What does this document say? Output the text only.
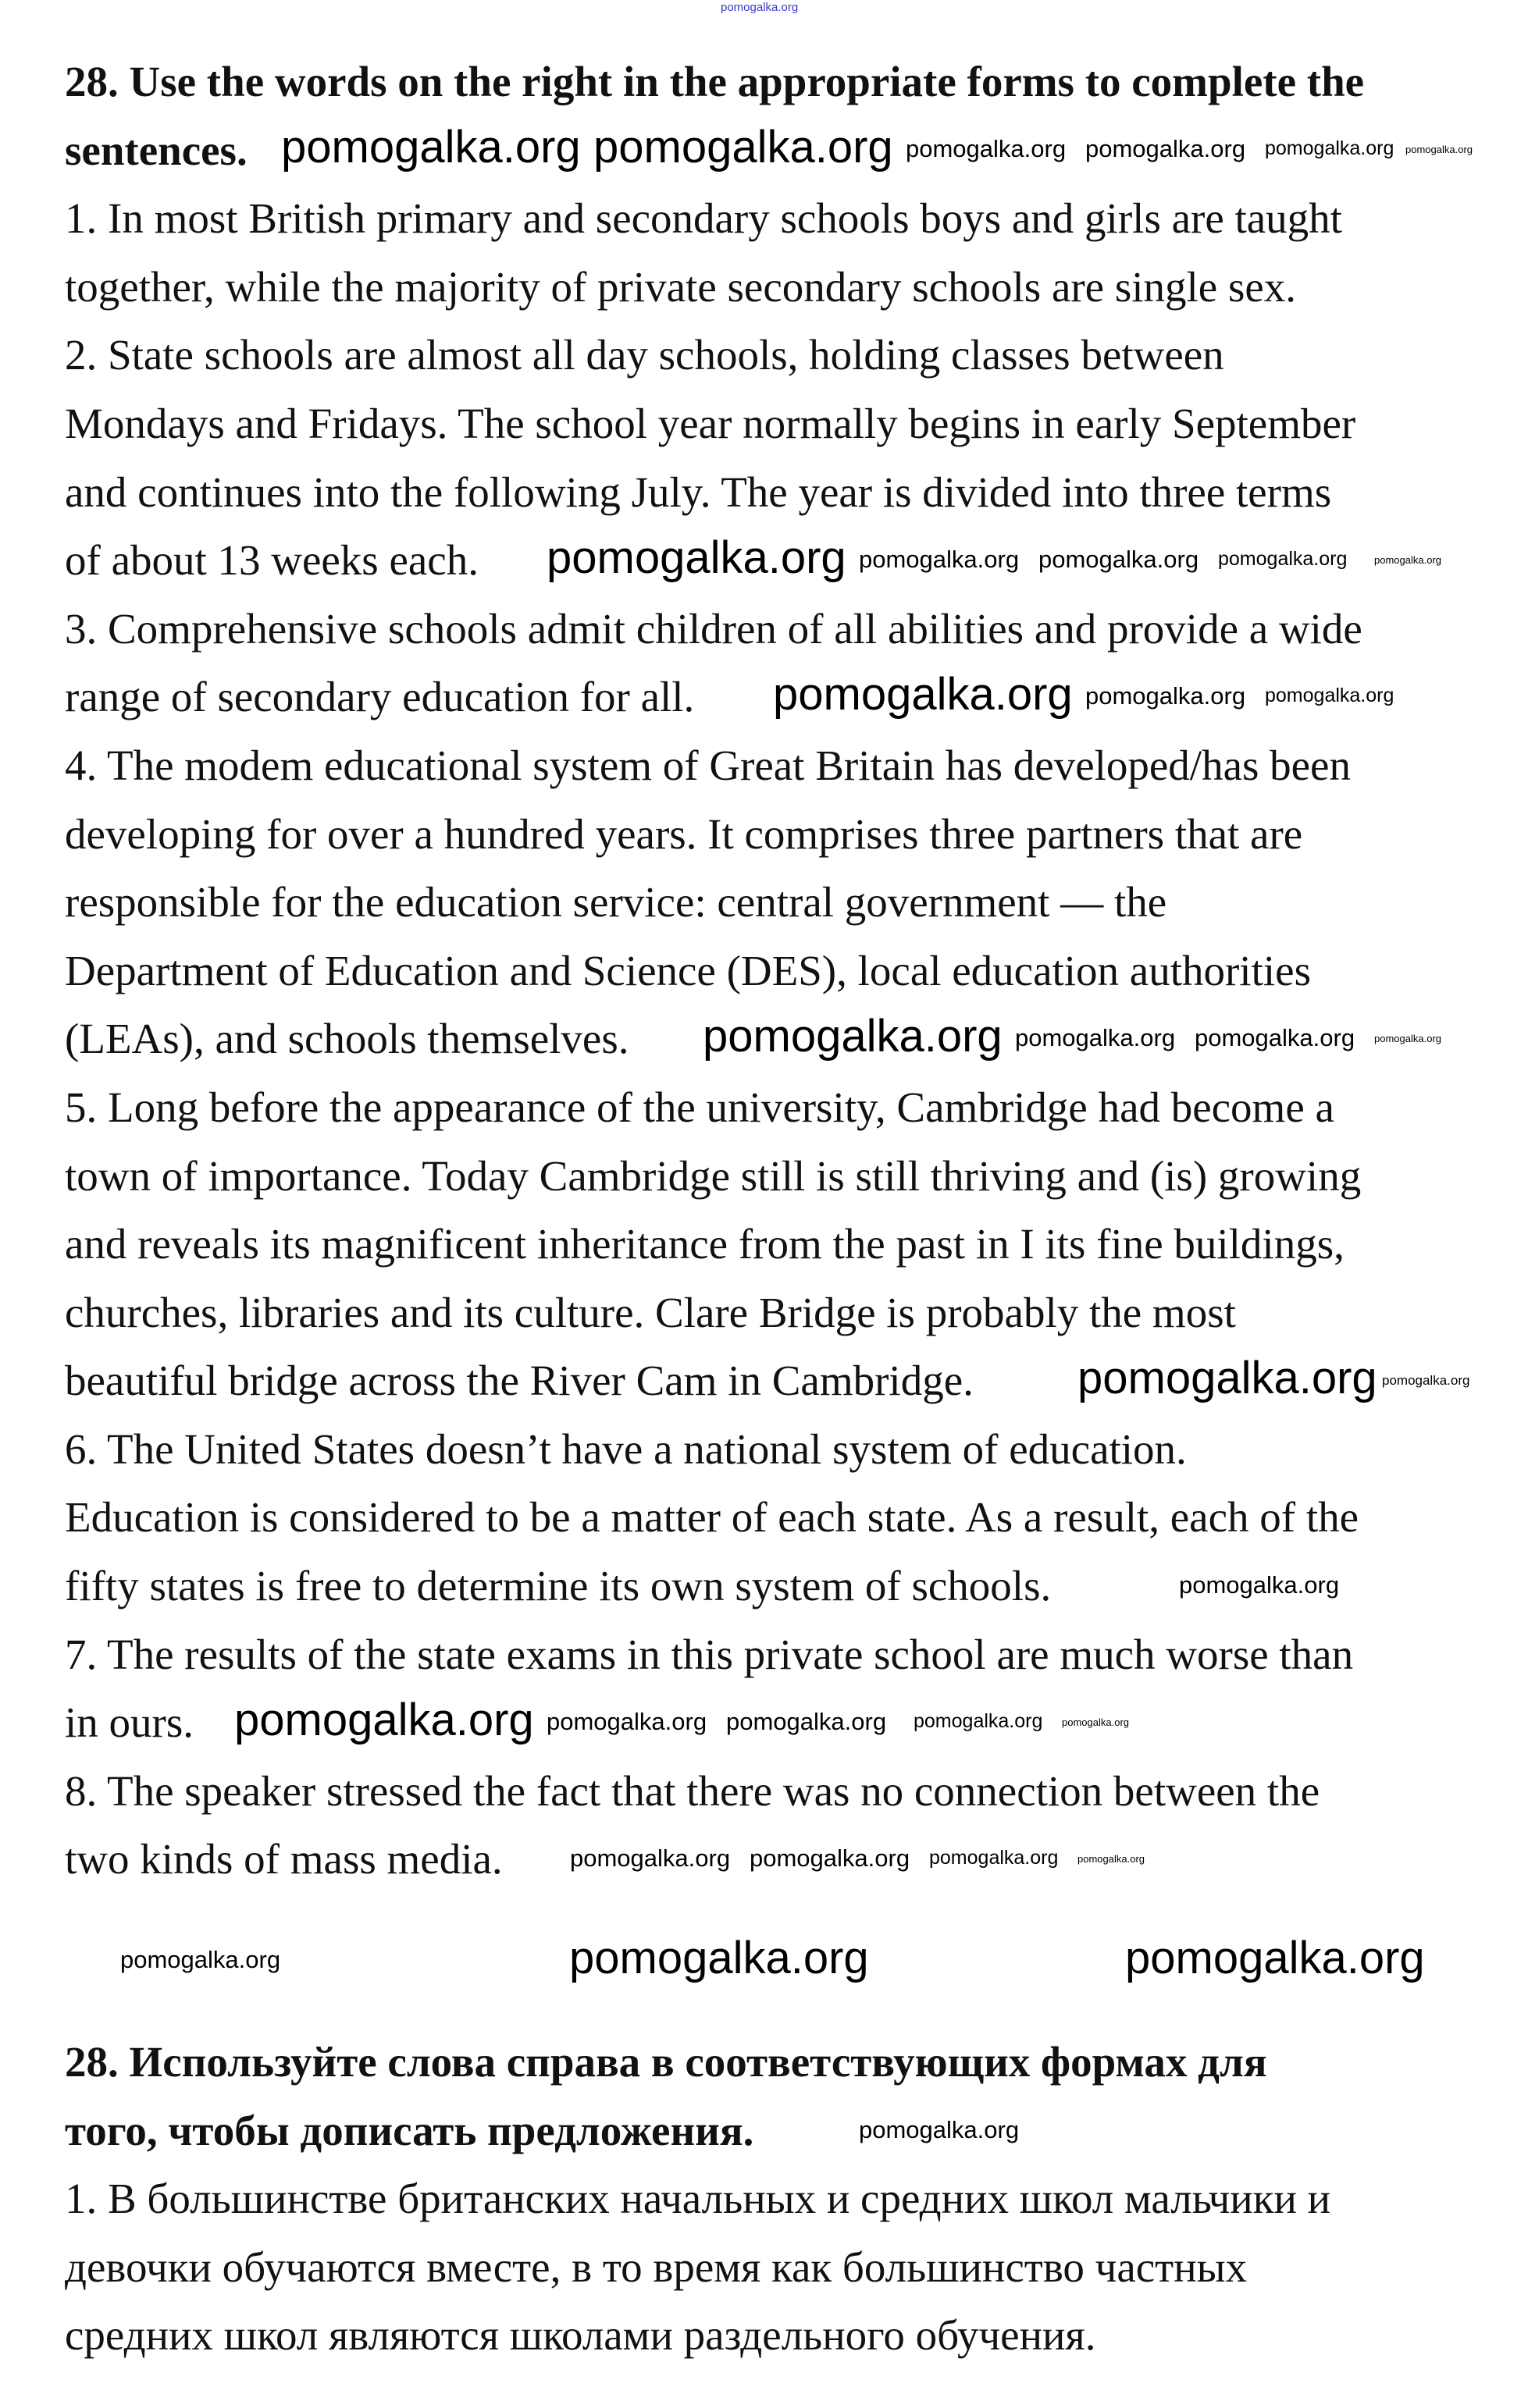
28. Use the words on the right in the appropriate forms to complete the
sentences.
1. In most British primary and secondary schools boys and girls are taught
together, while the majority of private secondary schools are single sex.
2. State schools are almost all day schools, holding classes between
Mondays and Fridays. The school year normally begins in early September
and continues into the following July. The year is divided into three terms
of about 13 weeks each.
3. Comprehensive schools admit children of all abilities and provide a wide
range of secondary education for all.
4. The modem educational system of Great Britain has developed/has been
developing for over a hundred years. It comprises three partners that are
responsible for the education service: central government — the
Department of Education and Science (DES), local education authorities
(LEAs), and schools themselves.
5. Long before the appearance of the university, Cambridge had become a
town of importance. Today Cambridge still is still thriving and (is) growing
and reveals its magnificent inheritance from the past in I its fine buildings,
churches, libraries and its culture. Clare Bridge is probably the most
beautiful bridge across the River Cam in Cambridge.
6. The United States doesn’t have a national system of education.
Education is considered to be a matter of each state. As a result, each of the
fifty states is free to determine its own system of schools.
7. The results of the state exams in this private school are much worse than
in ours.
8. The speaker stressed the fact that there was no connection between the
two kinds of mass media.
28. Используйте слова справа в соответствующих формах для
того, чтобы дописать предложения.
1. В большинстве британских начальных и средних школ мальчики и
девочки обучаются вместе, в то время как большинство частных
средних школ являются школами раздельного обучения.
pomogalka.org
pomogalka.org pomogalka.org pomogalka.org pomogalka.org pomogalka.org pomogalka.org
pomogalka.org pomogalka.org pomogalka.org pomogalka.org	pomogalka.org
pomogalka.org pomogalka.org pomogalka.org
pomogalka.org pomogalka.org pomogalka.org pomogalka.org
pomogalka.org pomogalka.org
pomogalka.org
pomogalka.org pomogalka.org pomogalka.org pomogalka.org pomogalka.org
pomogalka.org pomogalka.org pomogalka.org pomogalka.org
pomogalka.org	pomogalka.org	pomogalka.org
pomogalka.org
